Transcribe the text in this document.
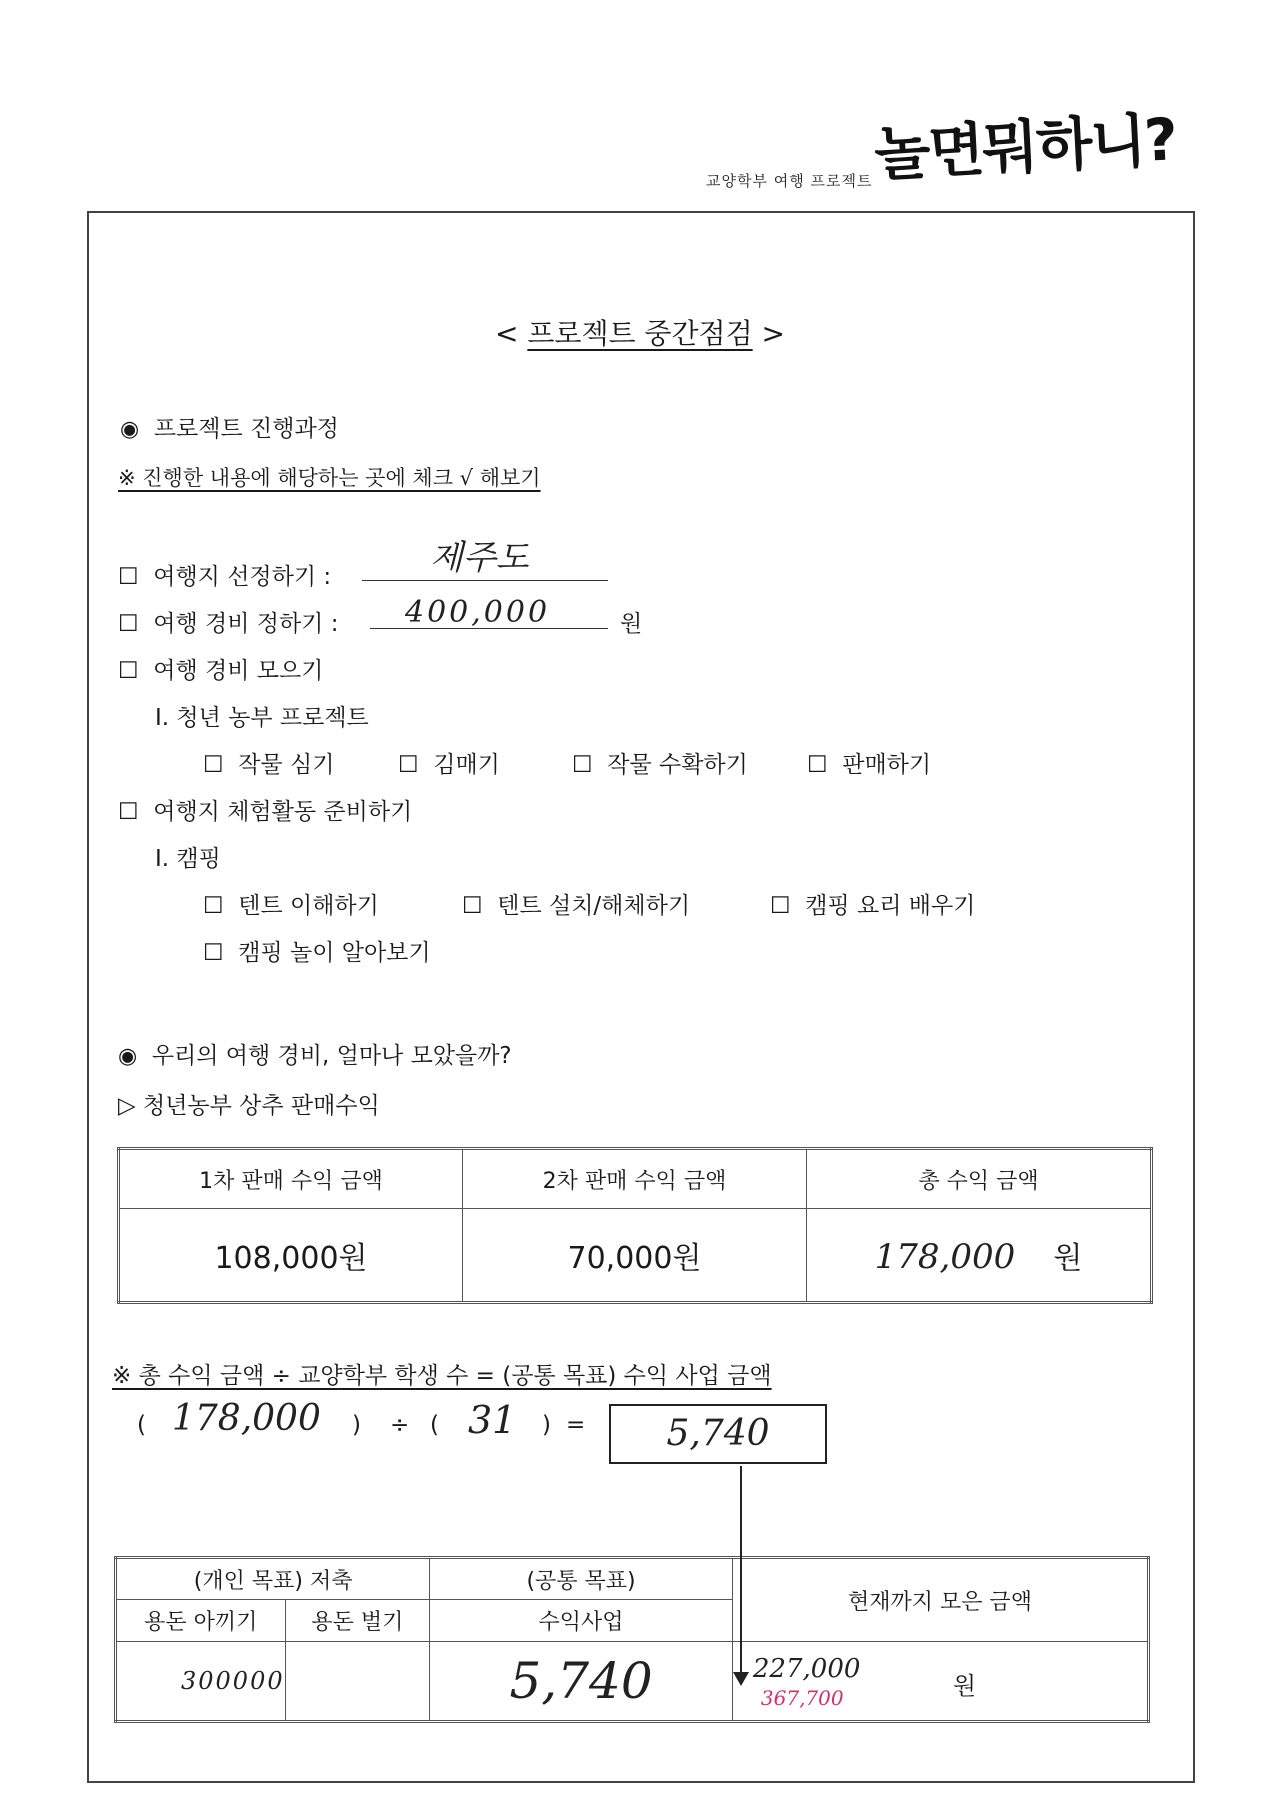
교양학부 여행 프로젝트 놀면뭐하니?
< 프로젝트 중간점검 >
◉ 프로젝트 진행과정
※ 진행한 내용에 해당하는 곳에 체크 √ 해보기
☐ 여행지 선정하기 :	제주도
☐ 여행 경비 정하기 : 400,000	원
☐ 여행 경비 모으기
I. 청년 농부 프로젝트
☐ 작물 심기	☐ 김매기	☐ 작물 수확하기	☐ 판매하기
☐ 여행지 체험활동 준비하기
I. 캠핑
☐ 텐트 이해하기	☐ 텐트 설치/해체하기	☐ 캠핑 요리 배우기
☐ 캠핑 놀이 알아보기
◉ 우리의 여행 경비, 얼마나 모았을까?
▷ 청년농부 상추 판매수익
1차 판매 수익 금액	2차 판매 수익 금액	총 수익 금액
108,000원	70,000원	178,000 원
※ 총 수익 금액 ÷ 교양학부 학생 수 = (공통 목표) 수익 사업 금액
( 178,000 ) ÷ ( 31 ) =	5,740
(개인 목표) 저축		(공통 목표)	현재까지 모은 금액
용돈 아끼기	용돈 벌기	수익사업	
300000		5,740	227,000
367,700 원
